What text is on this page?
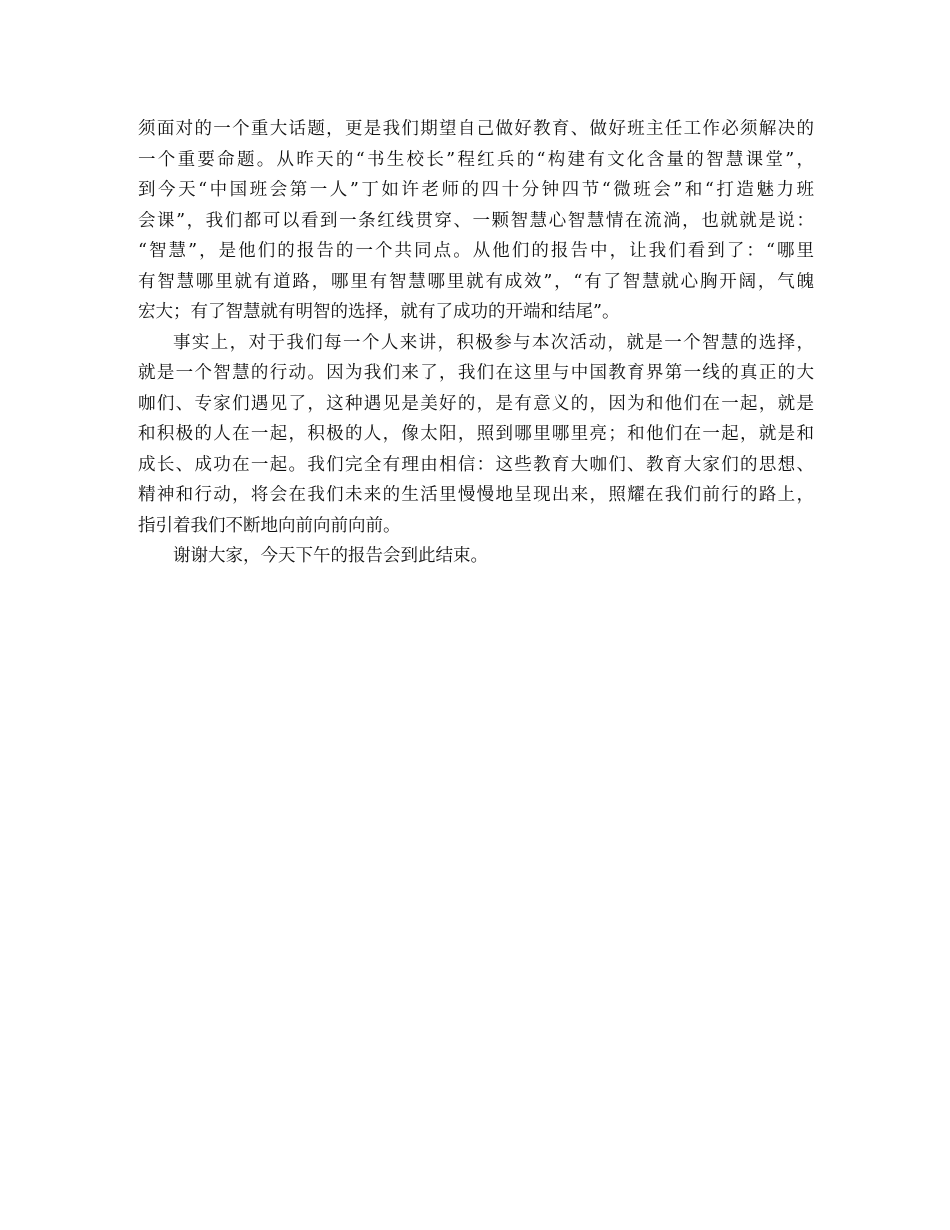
须面对的一个重大话题，更是我们期望自己做好教育、做好班主任工作必须解决的
一个重要命题。从昨天的“书生校长”程红兵的“构建有文化含量的智慧课堂”，
到今天“中国班会第一人”丁如许老师的四十分钟四节“微班会”和“打造魅力班
会课”，我们都可以看到一条红线贯穿、一颗智慧心智慧情在流淌，也就就是说：
“智慧”，是他们的报告的一个共同点。从他们的报告中，让我们看到了：“哪里
有智慧哪里就有道路，哪里有智慧哪里就有成效”，“有了智慧就心胸开阔，气魄
宏大；有了智慧就有明智的选择，就有了成功的开端和结尾”。
事实上，对于我们每一个人来讲，积极参与本次活动，就是一个智慧的选择，
就是一个智慧的行动。因为我们来了，我们在这里与中国教育界第一线的真正的大
咖们、专家们遇见了，这种遇见是美好的，是有意义的，因为和他们在一起，就是
和积极的人在一起，积极的人，像太阳，照到哪里哪里亮；和他们在一起，就是和
成长、成功在一起。我们完全有理由相信：这些教育大咖们、教育大家们的思想、
精神和行动，将会在我们未来的生活里慢慢地呈现出来，照耀在我们前行的路上，
指引着我们不断地向前向前向前。
谢谢大家，今天下午的报告会到此结束。
